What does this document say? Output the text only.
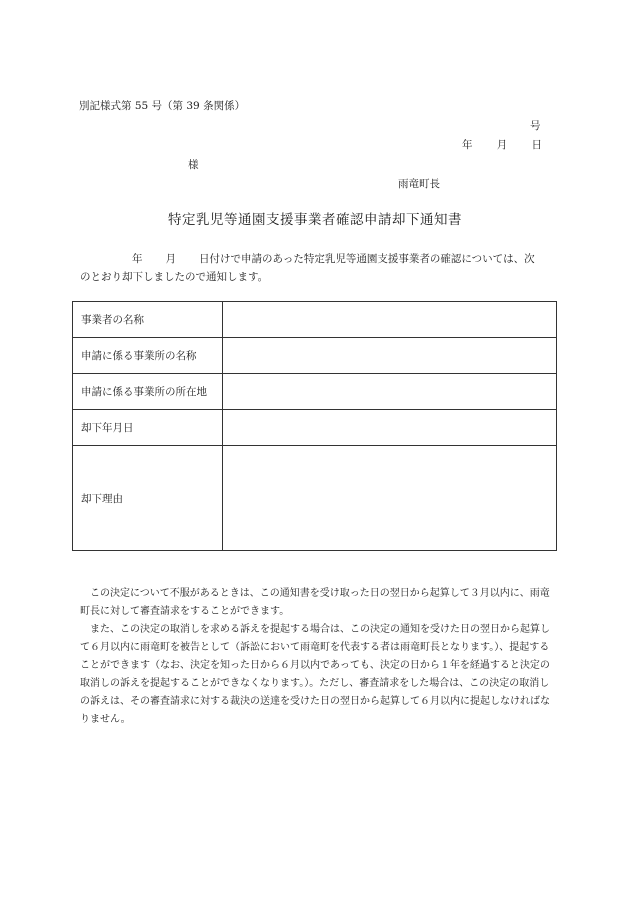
別記様式第 55 号（第 39 条関係）
号
年 月 日
様
雨竜町長
特定乳児等通園支援事業者確認申請却下通知書
年 月 日付けで申請のあった特定乳児等通園支援事業者の確認については、次
のとおり却下しましたので通知します。
事業者の名称	
申請に係る事業所の名称	
申請に係る事業所の所在地	
却下年月日	
却下理由	

この決定について不服があるときは、この通知書を受け取った日の翌日から起算して３月以内に、雨竜町長に対して審査請求をすることができます。

また、この決定の取消しを求める訴えを提起する場合は、この決定の通知を受けた日の翌日から起算して６月以内に雨竜町を被告として（訴訟において雨竜町を代表する者は雨竜町長となります。）、提起することができます（なお、決定を知った日から６月以内であっても、決定の日から１年を経過すると決定の取消しの訴えを提起することができなくなります。）。ただし、審査請求をした場合は、この決定の取消しの訴えは、その審査請求に対する裁決の送達を受けた日の翌日から起算して６月以内に提起しなければなりません。
